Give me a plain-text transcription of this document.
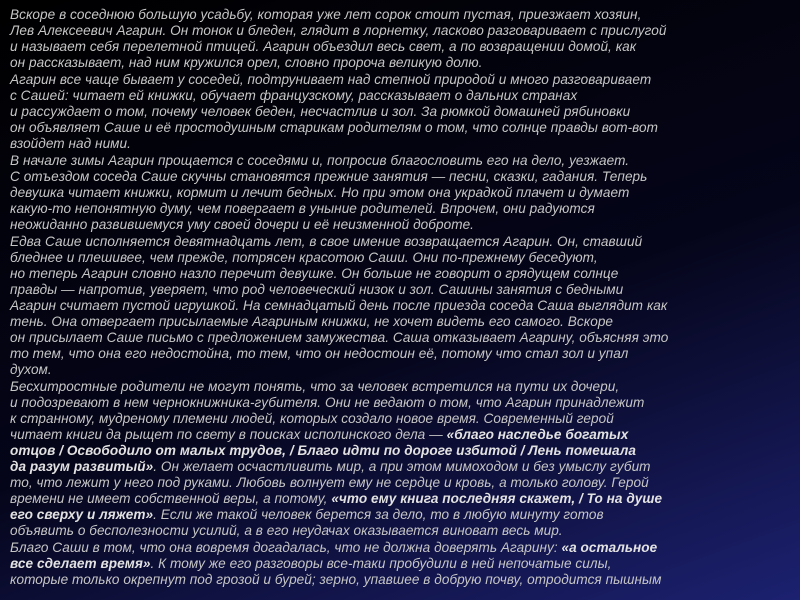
Вскоре в соседнюю большую усадьбу, которая уже лет сорок стоит пустая, приезжает хозяин,
Лев Алексеевич Агарин. Он тонок и бледен, глядит в лорнетку, ласково разговаривает с прислугой
и называет себя перелетной птицей. Агарин объездил весь свет, а по возвращении домой, как
он рассказывает, над ним кружился орел, словно пророча великую долю.

Агарин все чаще бывает у соседей, подтрунивает над степной природой и много разговаривает
с Сашей: читает ей книжки, обучает французскому, рассказывает о дальних странах
и рассуждает о том, почему человек беден, несчастлив и зол. За рюмкой домашней рябиновки
он объявляет Саше и её простодушным старикам родителям о том, что солнце правды вот-вот
взойдет над ними.

В начале зимы Агарин прощается с соседями и, попросив благословить его на дело, уезжает.
С отъездом соседа Саше скучны становятся прежние занятия — песни, сказки, гадания. Теперь
девушка читает книжки, кормит и лечит бедных. Но при этом она украдкой плачет и думает
какую-то непонятную думу, чем повергает в уныние родителей. Впрочем, они радуются
неожиданно развившемуся уму своей дочери и её неизменной доброте.

Едва Саше исполняется девятнадцать лет, в свое имение возвращается Агарин. Он, ставший
бледнее и плешивее, чем прежде, потрясен красотою Саши. Они по-прежнему беседуют,
но теперь Агарин словно назло перечит девушке. Он больше не говорит о грядущем солнце
правды — напротив, уверяет, что род человеческий низок и зол. Сашины занятия с бедными
Агарин считает пустой игрушкой. На семнадцатый день после приезда соседа Саша выглядит как
тень. Она отвергает присылаемые Агариным книжки, не хочет видеть его самого. Вскоре
он присылает Саше письмо с предложением замужества. Саша отказывает Агарину, объясняя это
то тем, что она его недостойна, то тем, что он недостоин её, потому что стал зол и упал
духом.

Бесхитростные родители не могут понять, что за человек встретился на пути их дочери,
и подозревают в нем чернокнижника-губителя. Они не ведают о том, что Агарин принадлежит
к странному, мудреному племени людей, которых создало новое время. Современный герой
читает книги да рыщет по свету в поисках исполинского дела — «благо наследье богатых
отцов / Освободило от малых трудов, / Благо идти по дороге избитой / Лень помешала
да разум развитый». Он желает осчастливить мир, а при этом мимоходом и без умыслу губит
то, что лежит у него под руками. Любовь волнует ему не сердце и кровь, а только голову. Герой
времени не имеет собственной веры, а потому, «что ему книга последняя скажет, / То на душе
его сверху и ляжет». Если же такой человек берется за дело, то в любую минуту готов
объявить о бесполезности усилий, а в его неудачах оказывается виноват весь мир.

Благо Саши в том, что она вовремя догадалась, что не должна доверять Агарину: «а остальное
все сделает время». К тому же его разговоры все-таки пробудили в ней непочатые силы,
которые только окрепнут под грозой и бурей; зерно, упавшее в добрую почву, отродится пышным
